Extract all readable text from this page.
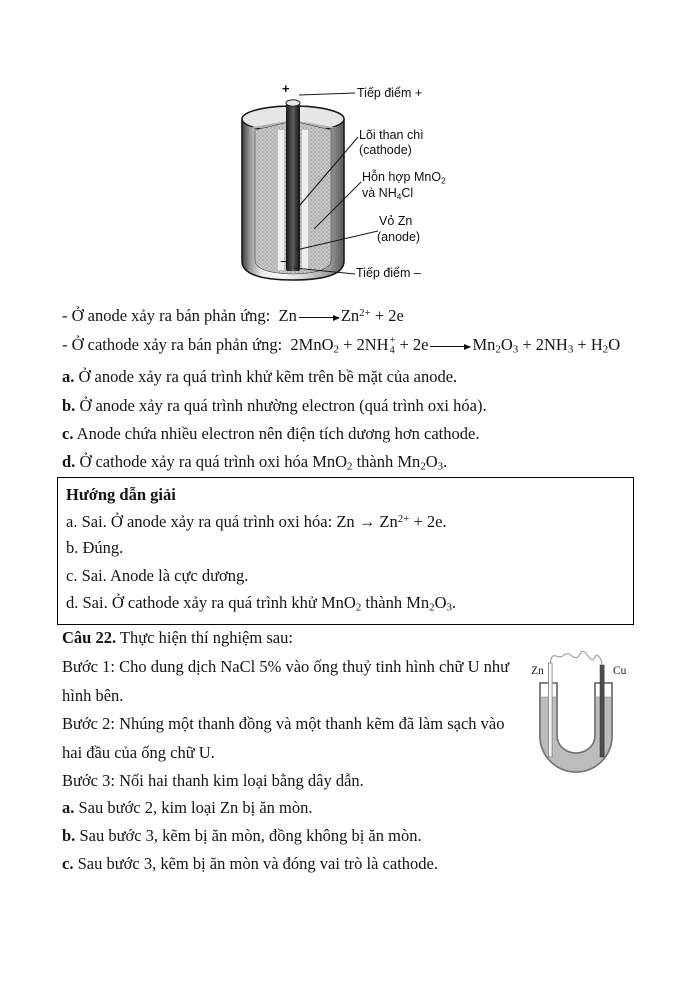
+
−
Tiếp điểm +
Lõi than chì
(cathode)
Hỗn hợp MnO2
và NH4Cl
Vỏ Zn
(anode)
Tiếp điểm –
- Ở anode xảy ra bán phản ứng:  Zn	$Zn^{2+} + 2e$
- Ở cathode xảy ra bán phản ứng:  2MnO2 + 2NH +
4 + 2e	Mn2O3 + 2NH3 + H2O
a. Ở anode xảy ra quá trình khử kẽm trên bề mặt của anode.
b. Ở anode xảy ra quá trình nhường electron (quá trình oxi hóa).
c. Anode chứa nhiều electron nên điện tích dương hơn cathode.
d. Ở cathode xảy ra quá trình oxi hóa MnO2 thành Mn2O3.
Hướng dẫn giải
a. Sai. Ở anode xảy ra quá trình oxi hóa: $Zn \to Zn^{2+} + 2e$.
b. Đúng.
c. Sai. Anode là cực dương.
d. Sai. Ở cathode xảy ra quá trình khử MnO2 thành Mn2O3.
Câu 22. Thực hiện thí nghiệm sau:
Bước 1: Cho dung dịch NaCl 5% vào ống thuỷ tinh hình chữ U như
hình bên.
Bước 2: Nhúng một thanh đồng và một thanh kẽm đã làm sạch vào
hai đầu của ống chữ U.
Bước 3: Nối hai thanh kim loại bằng dây dẫn.
a. Sau bước 2, kim loại Zn bị ăn mòn.
b. Sau bước 3, kẽm bị ăn mòn, đồng không bị ăn mòn.
c. Sau bước 3, kẽm bị ăn mòn và đóng vai trò là cathode.
Zn	Cu
